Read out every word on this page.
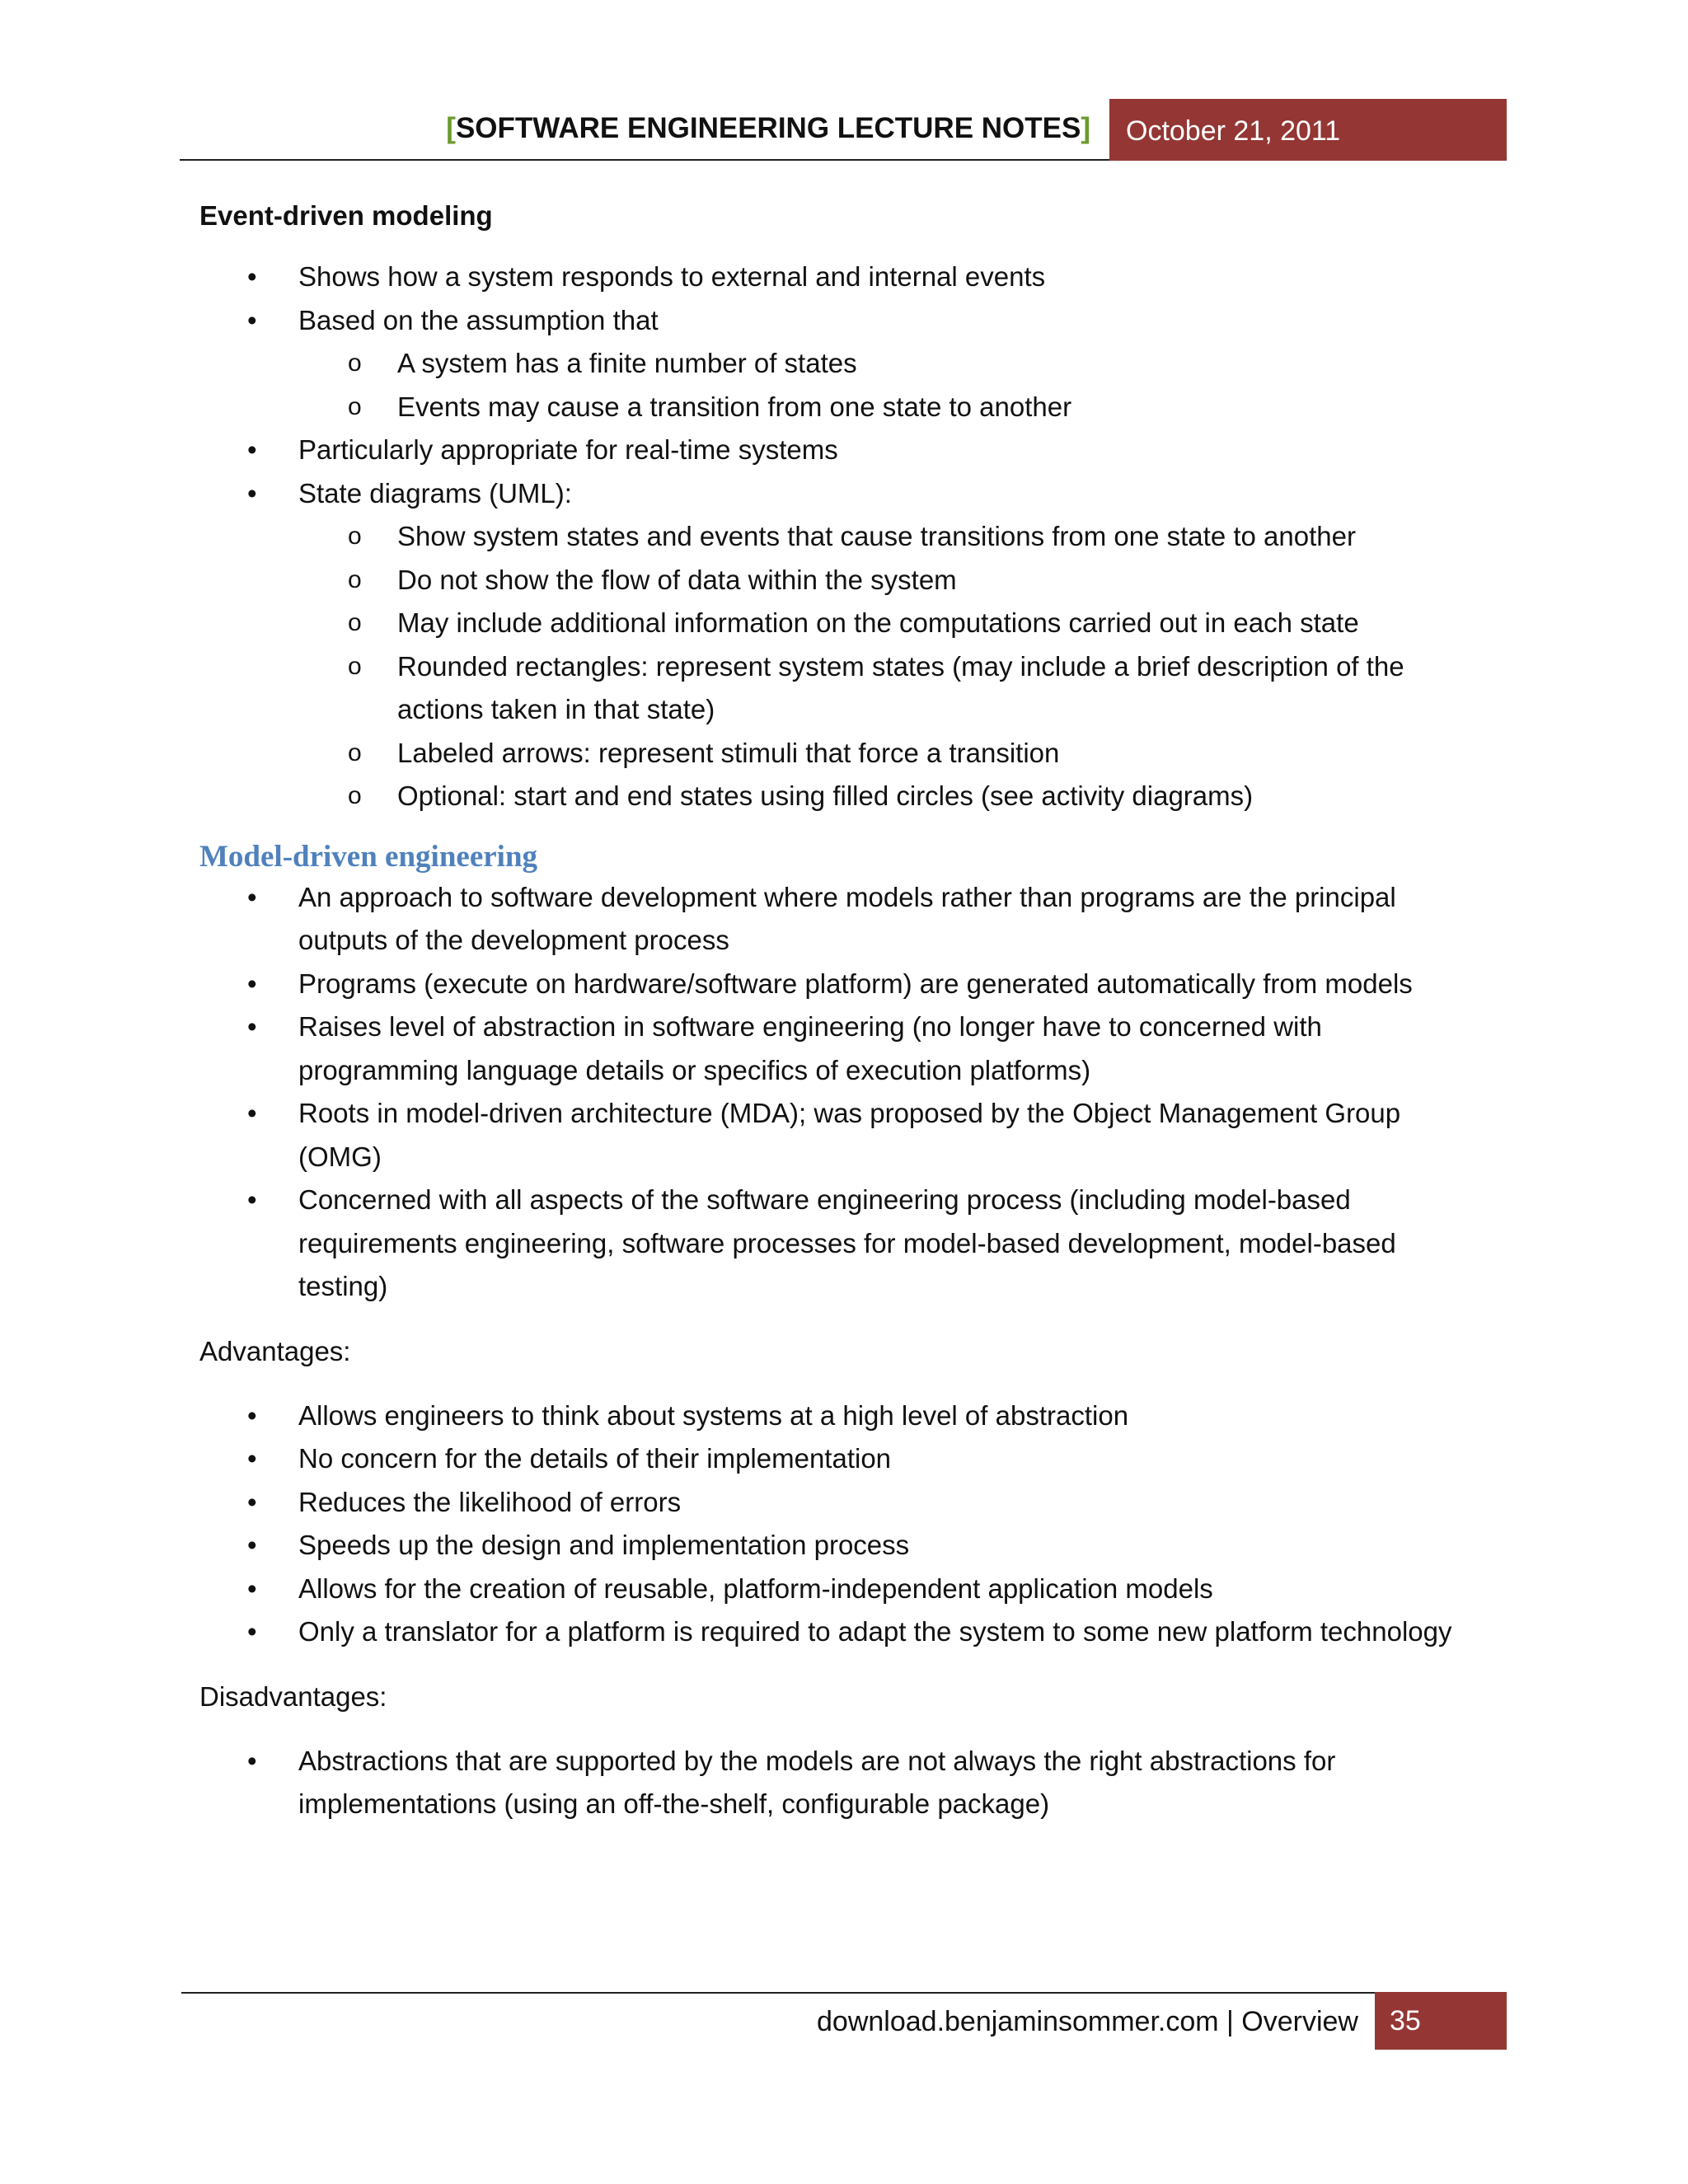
[SOFTWARE ENGINEERING LECTURE NOTES] October 21, 2011

Event-driven modeling

• Shows how a system responds to external and internal events
• Based on the assumption that
o A system has a finite number of states
o Events may cause a transition from one state to another
• Particularly appropriate for real-time systems
• State diagrams (UML):
o Show system states and events that cause transitions from one state to another
o Do not show the flow of data within the system
o May include additional information on the computations carried out in each state
o Rounded rectangles: represent system states (may include a brief description of the actions taken in that state)
o Labeled arrows: represent stimuli that force a transition
o Optional: start and end states using filled circles (see activity diagrams)

Model-driven engineering

• An approach to software development where models rather than programs are the principal outputs of the development process
• Programs (execute on hardware/software platform) are generated automatically from models
• Raises level of abstraction in software engineering (no longer have to concerned with programming language details or specifics of execution platforms)
• Roots in model-driven architecture (MDA); was proposed by the Object Management Group (OMG)
• Concerned with all aspects of the software engineering process (including model-based requirements engineering, software processes for model-based development, model-based testing)

Advantages:

• Allows engineers to think about systems at a high level of abstraction
• No concern for the details of their implementation
• Reduces the likelihood of errors
• Speeds up the design and implementation process
• Allows for the creation of reusable, platform-independent application models
• Only a translator for a platform is required to adapt the system to some new platform technology

Disadvantages:

• Abstractions that are supported by the models are not always the right abstractions for implementations (using an off-the-shelf, configurable package)
download.benjaminsommer.com | Overview 35
